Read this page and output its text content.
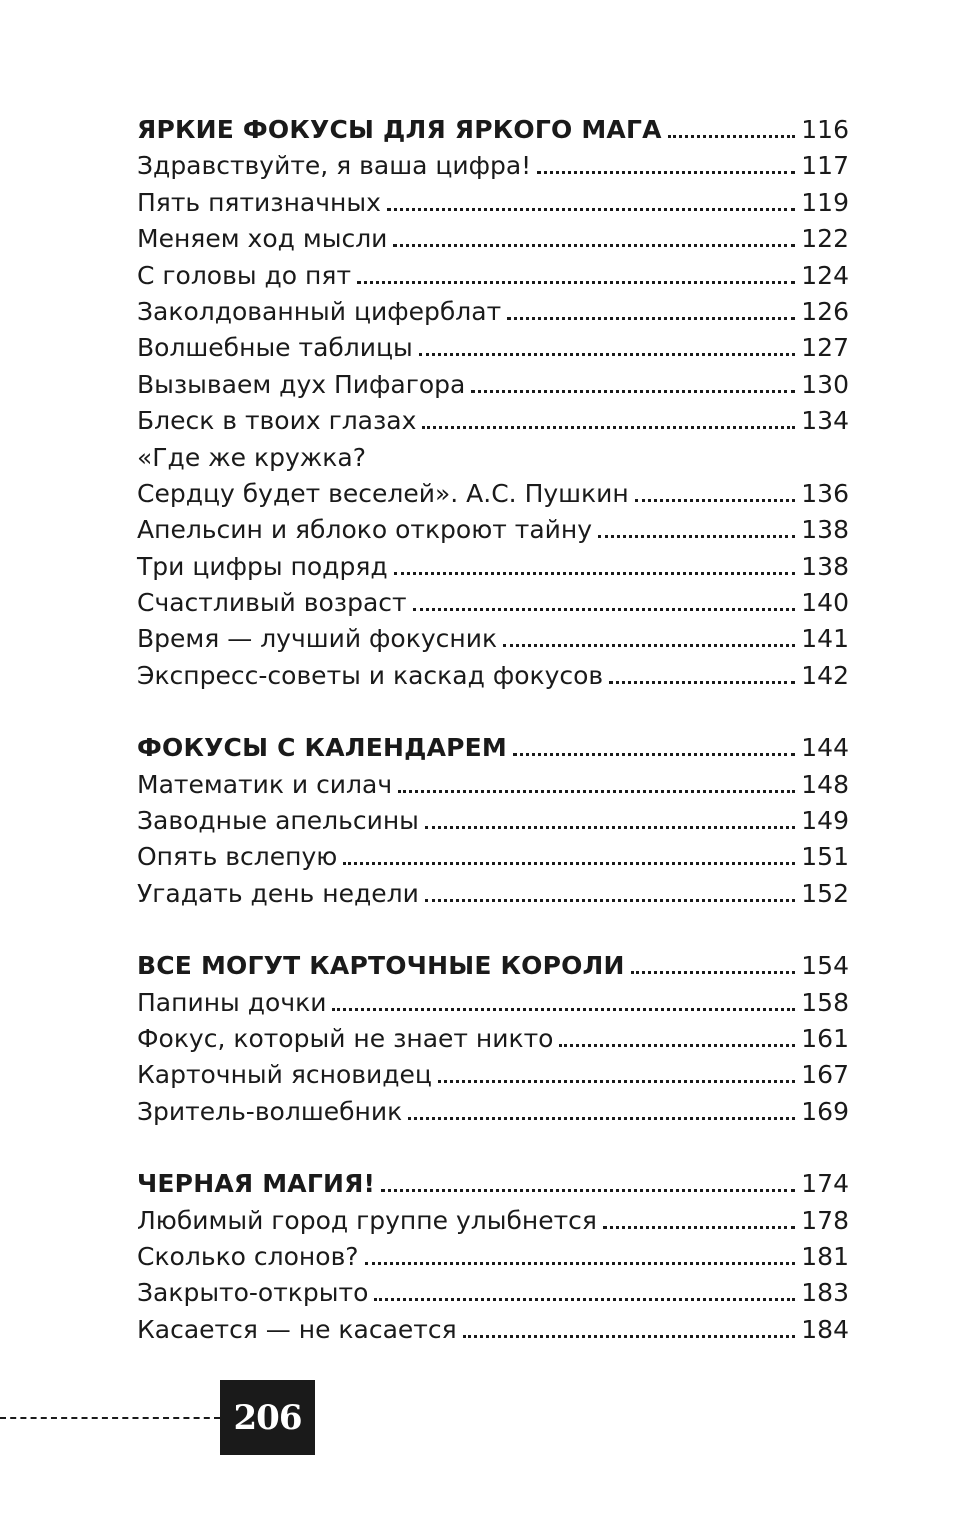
ЯРКИЕ ФОКУСЫ ДЛЯ ЯРКОГО МАГА	116
Здравствуйте, я ваша цифра!	117
Пять пятизначных	119
Меняем ход мысли	122
С головы до пят	124
Заколдованный циферблат	126
Волшебные таблицы	127
Вызываем дух Пифагора	130
Блеск в твоих глазах	134
«Где же кружка?
Сердцу будет веселей». А.С. Пушкин	136
Апельсин и яблоко откроют тайну	138
Три цифры подряд	138
Счастливый возраст	140
Время — лучший фокусник	141
Экспресс-советы и каскад фокусов	142
ФОКУСЫ С КАЛЕНДАРЕМ	144
Математик и силач	148
Заводные апельсины	149
Опять вслепую	151
Угадать день недели	152
ВСЕ МОГУТ КАРТОЧНЫЕ КОРОЛИ	154
Папины дочки	158
Фокус, который не знает никто	161
Карточный ясновидец	167
Зритель-волшебник	169
ЧЕРНАЯ МАГИЯ!	174
Любимый город группе улыбнется	178
Сколько слонов?	181
Закрыто-открыто	183
Касается — не касается	184
206
